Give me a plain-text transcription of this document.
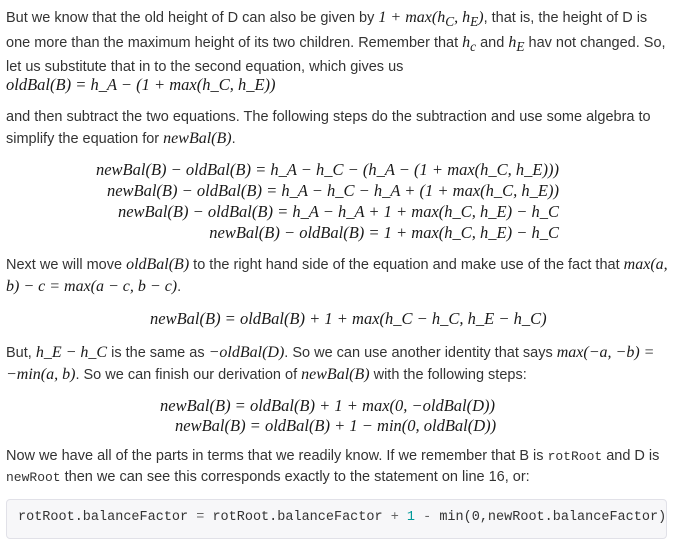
But we know that the old height of D can also be given by $1 + \max(h_C$, $h_E$), that is, the height of D is one more than the maximum height of its two children. Remember that $h_c$ and $h_E$ hav not changed. So, let us substitute that in to the second equation, which gives us

oldBal(B) = h_A − (1 + max(h_C, h_E))

and then subtract the two equations. The following steps do the subtraction and use some algebra to simplify the equation for newBal(B).

newBal(B) − oldBal(B) = h_A − h_C − (h_A − (1 + max(h_C, h_E)))
newBal(B) − oldBal(B) = h_A − h_C − h_A + (1 + max(h_C, h_E))
newBal(B) − oldBal(B) = h_A − h_A + 1 + max(h_C, h_E) − h_C
newBal(B) − oldBal(B) = 1 + max(h_C, h_E) − h_C

Next we will move oldBal(B) to the right hand side of the equation and make use of the fact that max(a, b) − c = max(a − c, b − c).

newBal(B) = oldBal(B) + 1 + max(h_C − h_C, h_E − h_C)

But, h_E − h_C is the same as −oldBal(D). So we can use another identity that says max(−a, −b) = −min(a, b). So we can finish our derivation of newBal(B) with the following steps:

newBal(B) = oldBal(B) + 1 + max(0, −oldBal(D))
newBal(B) = oldBal(B) + 1 − min(0, oldBal(D))

Now we have all of the parts in terms that we readily know. If we remember that B is rotRoot and D is newRoot then we can see this corresponds exactly to the statement on line 16, or:

rotRoot.balanceFactor = rotRoot.balanceFactor + 1 - min(0,newRoot.balanceFactor)
